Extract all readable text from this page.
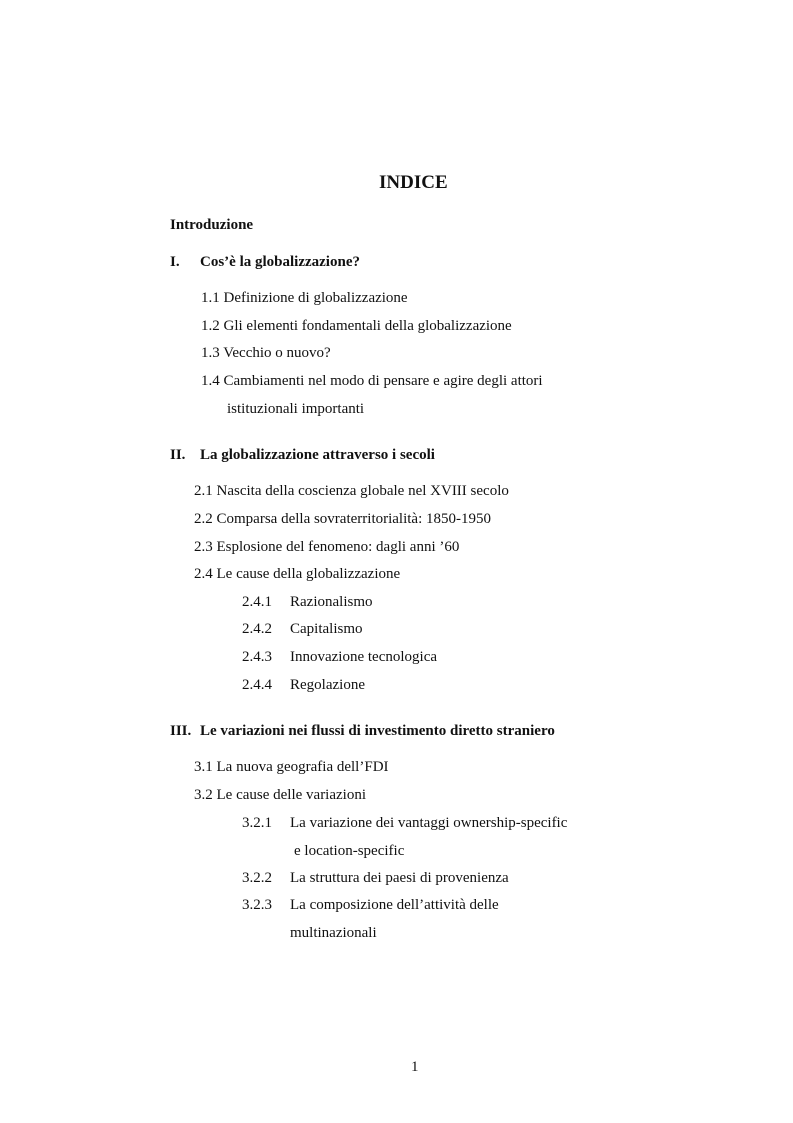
INDICE
Introduzione
I. Cos’è la globalizzazione?
1.1 Definizione di globalizzazione
1.2 Gli elementi fondamentali della globalizzazione
1.3 Vecchio o nuovo?
1.4 Cambiamenti nel modo di pensare e agire degli attori
istituzionali importanti
II. La globalizzazione attraverso i secoli
2.1 Nascita della coscienza globale nel XVIII secolo
2.2 Comparsa della sovraterritorialità: 1850-1950
2.3 Esplosione del fenomeno: dagli anni ’60
2.4 Le cause della globalizzazione
2.4.1 Razionalismo
2.4.2 Capitalismo
2.4.3 Innovazione tecnologica
2.4.4 Regolazione
III. Le variazioni nei flussi di investimento diretto straniero
3.1 La nuova geografia dell’FDI
3.2 Le cause delle variazioni
3.2.1 La variazione dei vantaggi ownership-specific
e location-specific
3.2.2 La struttura dei paesi di provenienza
3.2.3 La composizione dell’attività delle
multinazionali
1
